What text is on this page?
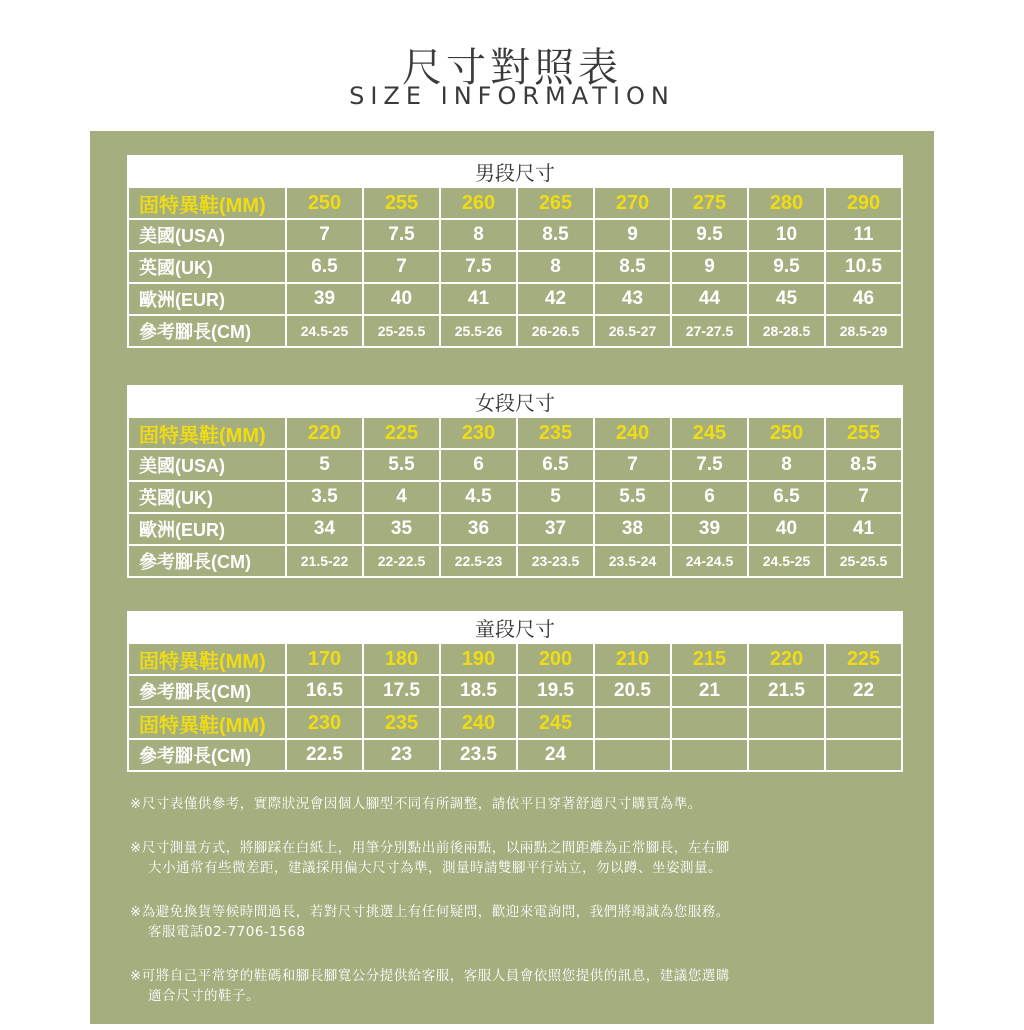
尺寸對照表
SIZE INFORMATION
男段尺寸								
固特異鞋(MM)	250	255	260	265	270	275	280	290
美國(USA)	7	7.5	8	8.5	9	9.5	10	11
英國(UK)	6.5	7	7.5	8	8.5	9	9.5	10.5
歐洲(EUR)	39	40	41	42	43	44	45	46
參考腳長(CM)	24.5-25	25-25.5	25.5-26	26-26.5	26.5-27	27-27.5	28-28.5	28.5-29
女段尺寸								
固特異鞋(MM)	220	225	230	235	240	245	250	255
美國(USA)	5	5.5	6	6.5	7	7.5	8	8.5
英國(UK)	3.5	4	4.5	5	5.5	6	6.5	7
歐洲(EUR)	34	35	36	37	38	39	40	41
參考腳長(CM)	21.5-22	22-22.5	22.5-23	23-23.5	23.5-24	24-24.5	24.5-25	25-25.5
童段尺寸								
固特異鞋(MM)	170	180	190	200	210	215	220	225
參考腳長(CM)	16.5	17.5	18.5	19.5	20.5	21	21.5	22
固特異鞋(MM)	230	235	240	245				
參考腳長(CM)	22.5	23	23.5	24				
※尺寸表僅供參考，實際狀況會因個人腳型不同有所調整，請依平日穿著舒適尺寸購買為準。
※尺寸測量方式，將腳踩在白紙上，用筆分別點出前後兩點，以兩點之間距離為正常腳長，左右腳
大小通常有些微差距，建議採用偏大尺寸為準，測量時請雙腳平行站立，勿以蹲、坐姿測量。
※為避免換貨等候時間過長，若對尺寸挑選上有任何疑問，歡迎來電詢問，我們將竭誠為您服務。
客服電話02-7706-1568
※可將自己平常穿的鞋碼和腳長腳寬公分提供給客服，客服人員會依照您提供的訊息，建議您選購
適合尺寸的鞋子。
